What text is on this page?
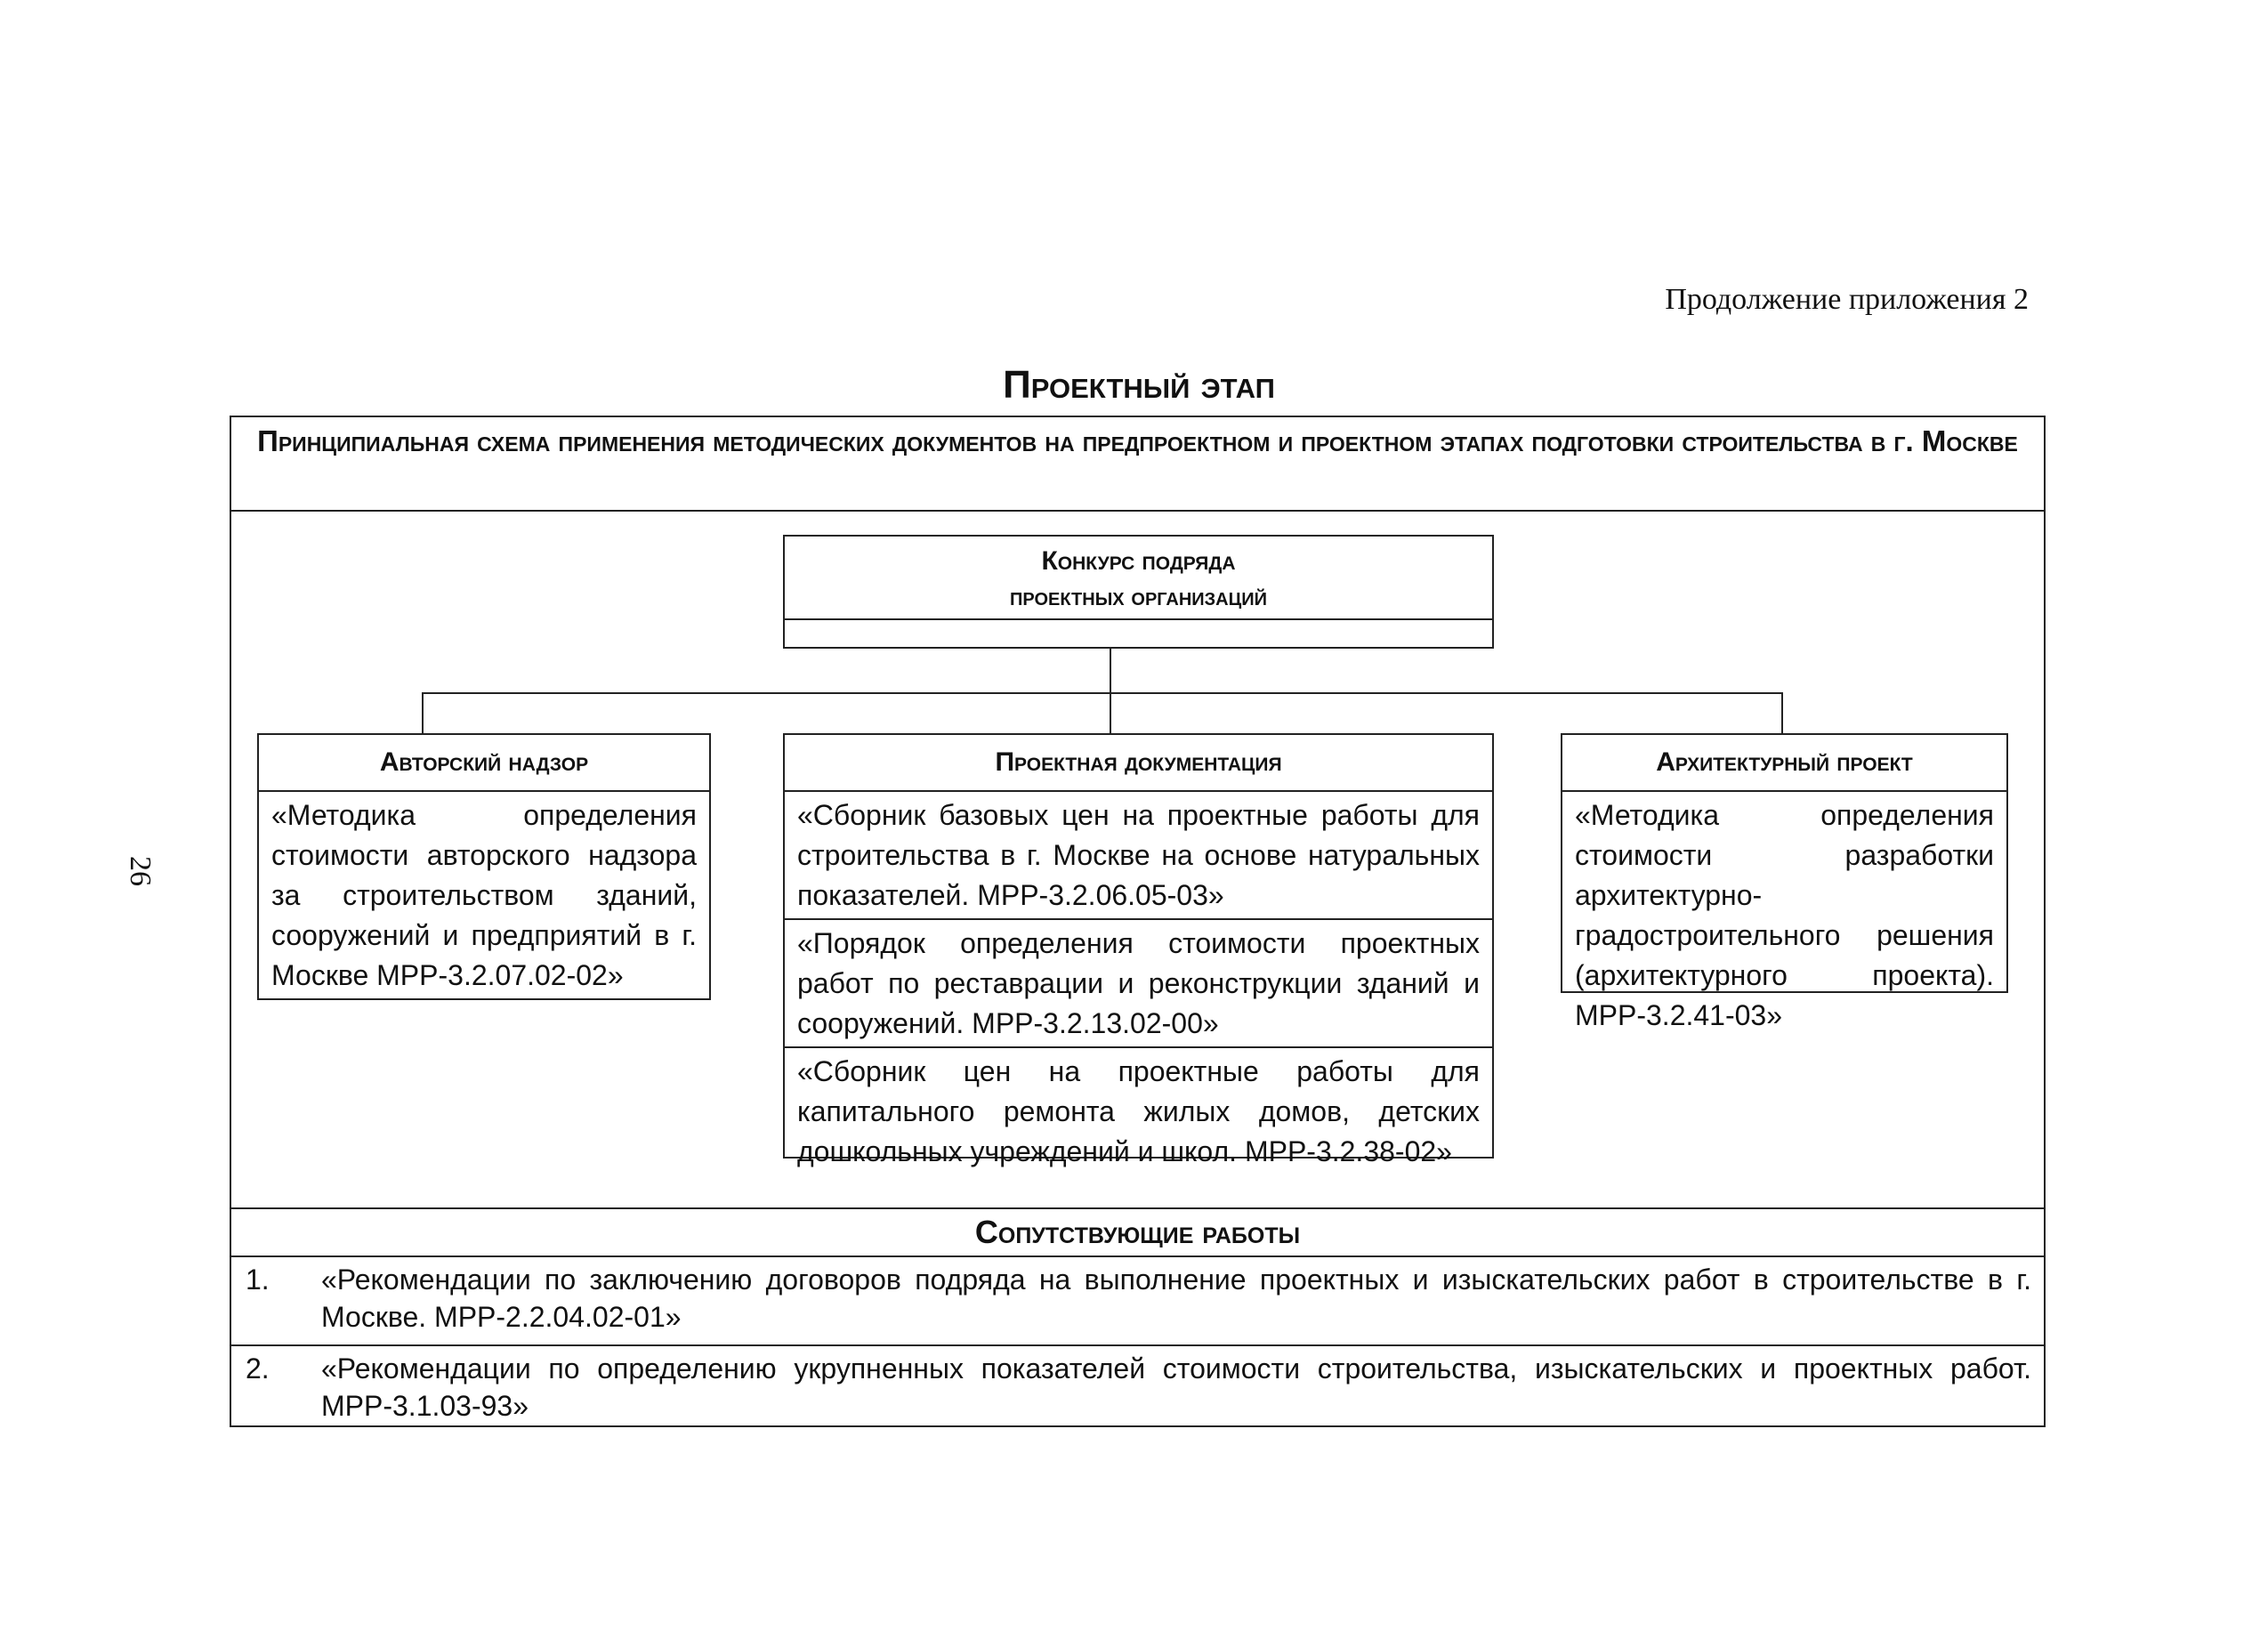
Продолжение приложения 2
26
Проектный этап
Принципиальная схема применения методических документов на предпроектном и проектном этапах подготовки строительства в г. Москве
Конкурс подряда
проектных организаций
Авторский надзор
«Методика определения стоимости авторского надзора за строительством зданий, сооружений и предприятий в г. Москве МРР-3.2.07.02-02»
Проектная документация
«Сборник базовых цен на проектные работы для строительства в г. Москве на основе натуральных показателей. МРР-3.2.06.05-03»
«Порядок определения стоимости проектных работ по реставрации и реконструкции зданий и сооружений. МРР-3.2.13.02-00»
«Сборник цен на проектные работы для капитального ремонта жилых домов, детских дошкольных учреждений и школ. МРР-3.2.38-02»
Архитектурный проект
«Методика определения стоимости разработки архитектурно-градостроительного решения (архитектурного проекта). МРР-3.2.41-03»
Сопутствующие работы
1.	«Рекомендации по заключению договоров подряда на выполнение проектных и изыскательских работ в строительстве в г. Москве. МРР-2.2.04.02-01»
2.	«Рекомендации по определению укрупненных показателей стоимости строительства, изыскательских и проектных работ. МРР-3.1.03-93»
